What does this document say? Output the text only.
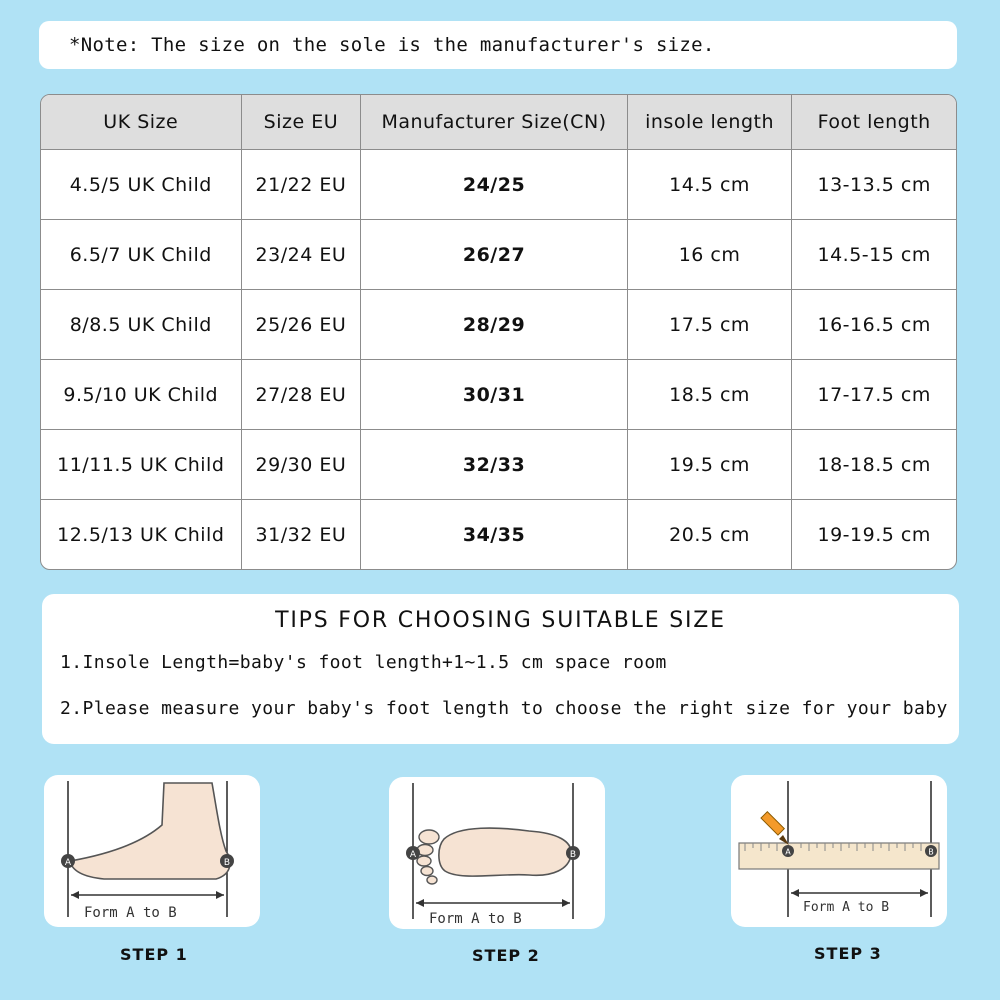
*Note: The size on the sole is the manufacturer's size.
UK Size	Size EU	Manufacturer Size(CN)	insole length	Foot length
4.5/5 UK Child	21/22 EU	24/25	14.5 cm	13-13.5 cm
6.5/7 UK Child	23/24 EU	26/27	16 cm	14.5-15 cm
8/8.5 UK Child	25/26 EU	28/29	17.5 cm	16-16.5 cm
9.5/10 UK Child	27/28 EU	30/31	18.5 cm	17-17.5 cm
11/11.5 UK Child	29/30 EU	32/33	19.5 cm	18-18.5 cm
12.5/13 UK Child	31/32 EU	34/35	20.5 cm	19-19.5 cm
TIPS FOR CHOOSING SUITABLE SIZE
1.Insole Length=baby's foot length+1~1.5 cm space room
2.Please measure your baby's foot length to choose the right size for your baby
A	B
Form A to B
STEP 1
A	B
Form A to B
STEP 2
A	B
Form A to B
STEP 3
